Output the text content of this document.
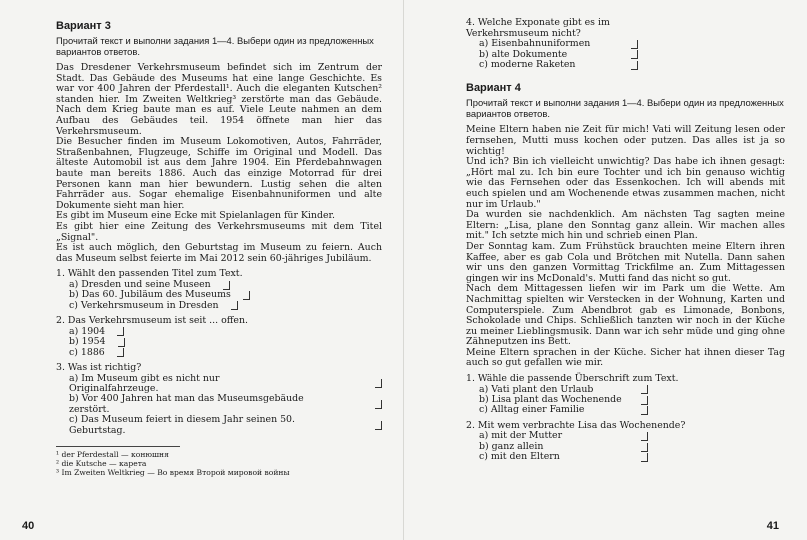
Вариант 3
Прочитай текст и выполни задания 1—4. Выбери один из предложенных вариантов ответов.

Das Dresdener Verkehrsmuseum befindet sich im Zentrum der Stadt. Das Gebäude des Museums hat eine lange Geschichte. Es war vor 400 Jahren der Pferdestall¹. Auch die eleganten Kutschen² standen hier. Im Zweiten Weltkrieg³ zerstörte man das Gebäude. Nach dem Krieg baute man es auf. Viele Leute nahmen an dem Aufbau des Gebäudes teil. 1954 öffnete man hier das Verkehrsmuseum.

Die Besucher finden im Museum Lokomotiven, Autos, Fahrräder, Straßenbahnen, Flugzeuge, Schiffe im Original und Modell. Das älteste Automobil ist aus dem Jahre 1904. Ein Pferdebahnwagen baute man bereits 1886. Auch das einzige Motorrad für drei Personen kann man hier bewundern. Lustig sehen die alten Fahrräder aus. Sogar ehemalige Eisenbahnuniformen und alte Dokumente sieht man hier.

Es gibt im Museum eine Ecke mit Spielanlagen für Kinder.

Es gibt hier eine Zeitung des Verkehrsmuseums mit dem Titel „Signal".

Es ist auch möglich, den Geburtstag im Museum zu feiern. Auch das Museum selbst feierte im Mai 2012 sein 60-jähriges Jubiläum.

1. Wählt den passenden Titel zum Text.
a) Dresden und seine Museen
b) Das 60. Jubiläum des Museums
c) Verkehrsmuseum in Dresden
2. Das Verkehrsmuseum ist seit ... offen.
a) 1904
b) 1954
c) 1886
3. Was ist richtig?
a) Im Museum gibt es nicht nur Originalfahrzeuge.
b) Vor 400 Jahren hat man das Museumsgebäude zerstört.
c) Das Museum feiert in diesem Jahr seinen 50. Geburtstag.
¹ der Pferdestall — конюшня
² die Kutsche — карета
³ Im Zweiten Weltkrieg — Во время Второй мировой войны
40
4. Welche Exponate gibt es im Verkehrsmuseum nicht?
a) Eisenbahnuniformen
b) alte Dokumente
c) moderne Raketen
Вариант 4
Прочитай текст и выполни задания 1—4. Выбери один из предложенных вариантов ответов.

Meine Eltern haben nie Zeit für mich! Vati will Zeitung lesen oder fernsehen, Mutti muss kochen oder putzen. Das alles ist ja so wichtig!

Und ich? Bin ich vielleicht unwichtig? Das habe ich ihnen gesagt: „Hört mal zu. Ich bin eure Tochter und ich bin genauso wichtig wie das Fernsehen oder das Essenkochen. Ich will abends mit euch spielen und am Wochenende etwas zusammen machen, nicht nur im Urlaub."

Da wurden sie nachdenklich. Am nächsten Tag sagten meine Eltern: „Lisa, plane den Sonntag ganz allein. Wir machen alles mit." Ich setzte mich hin und schrieb einen Plan.

Der Sonntag kam. Zum Frühstück brauchten meine Eltern ihren Kaffee, aber es gab Cola und Brötchen mit Nutella. Dann sahen wir uns den ganzen Vormittag Trickfilme an. Zum Mittagessen gingen wir ins McDonald's. Mutti fand das nicht so gut.

Nach dem Mittagessen liefen wir im Park um die Wette. Am Nachmittag spielten wir Verstecken in der Wohnung, Karten und Computerspiele. Zum Abendbrot gab es Limonade, Bonbons, Schokolade und Chips. Schließlich tanzten wir noch in der Küche zu meiner Lieblingsmusik. Dann war ich sehr müde und ging ohne Zähneputzen ins Bett.

Meine Eltern sprachen in der Küche. Sicher hat ihnen dieser Tag auch so gut gefallen wie mir.

1. Wähle die passende Überschrift zum Text.
a) Vati plant den Urlaub
b) Lisa plant das Wochenende
c) Alltag einer Familie
2. Mit wem verbrachte Lisa das Wochenende?
a) mit der Mutter
b) ganz allein
c) mit den Eltern
41
